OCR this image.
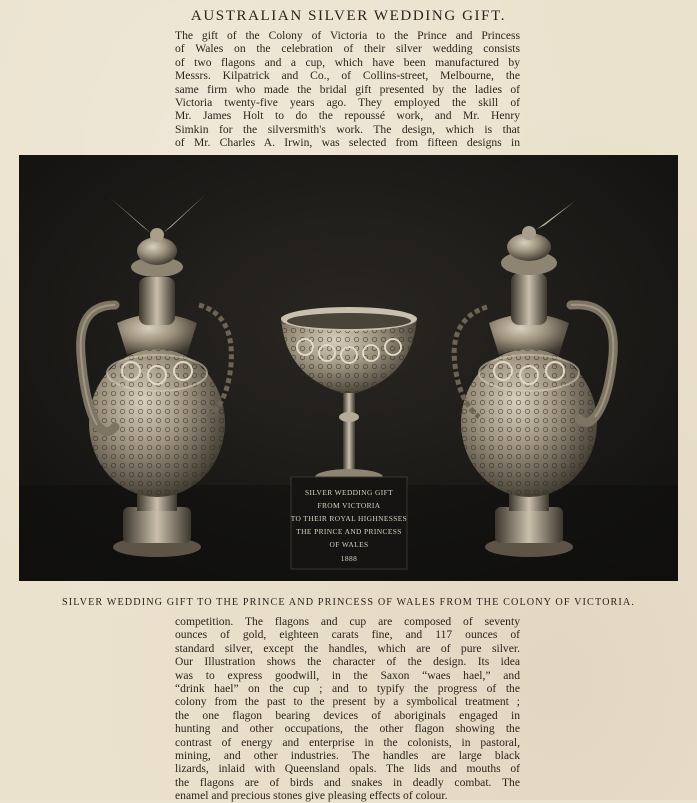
AUSTRALIAN SILVER WEDDING GIFT.
The gift of the Colony of Victoria to the Prince and Princess
of Wales on the celebration of their silver wedding consists
of two flagons and a cup, which have been manufactured by
Messrs. Kilpatrick and Co., of Collins-street, Melbourne, the
same firm who made the bridal gift presented by the ladies of
Victoria twenty-five years ago. They employed the skill of
Mr. James Holt to do the repoussé work, and Mr. Henry
Simkin for the silversmith's work. The design, which is that
of Mr. Charles A. Irwin, was selected from fifteen designs in
SILVER WEDDING GIFT
FROM VICTORIA
TO THEIR ROYAL HIGHNESSES
THE PRINCE AND PRINCESS
OF WALES
1888
SILVER WEDDING GIFT TO THE PRINCE AND PRINCESS OF WALES FROM THE COLONY OF VICTORIA.
competition. The flagons and cup are composed of seventy
ounces of gold, eighteen carats fine, and 117 ounces of
standard silver, except the handles, which are of pure silver.
Our Illustration shows the character of the design. Its idea
was to express goodwill, in the Saxon “waes hael,” and
“drink hael” on the cup ; and to typify the progress of the
colony from the past to the present by a symbolical treatment ;
the one flagon bearing devices of aboriginals engaged in
hunting and other occupations, the other flagon showing the
contrast of energy and enterprise in the colonists, in pastoral,
mining, and other industries. The handles are large black
lizards, inlaid with Queensland opals. The lids and mouths of
the flagons are of birds and snakes in deadly combat. The
enamel and precious stones give pleasing effects of colour.
